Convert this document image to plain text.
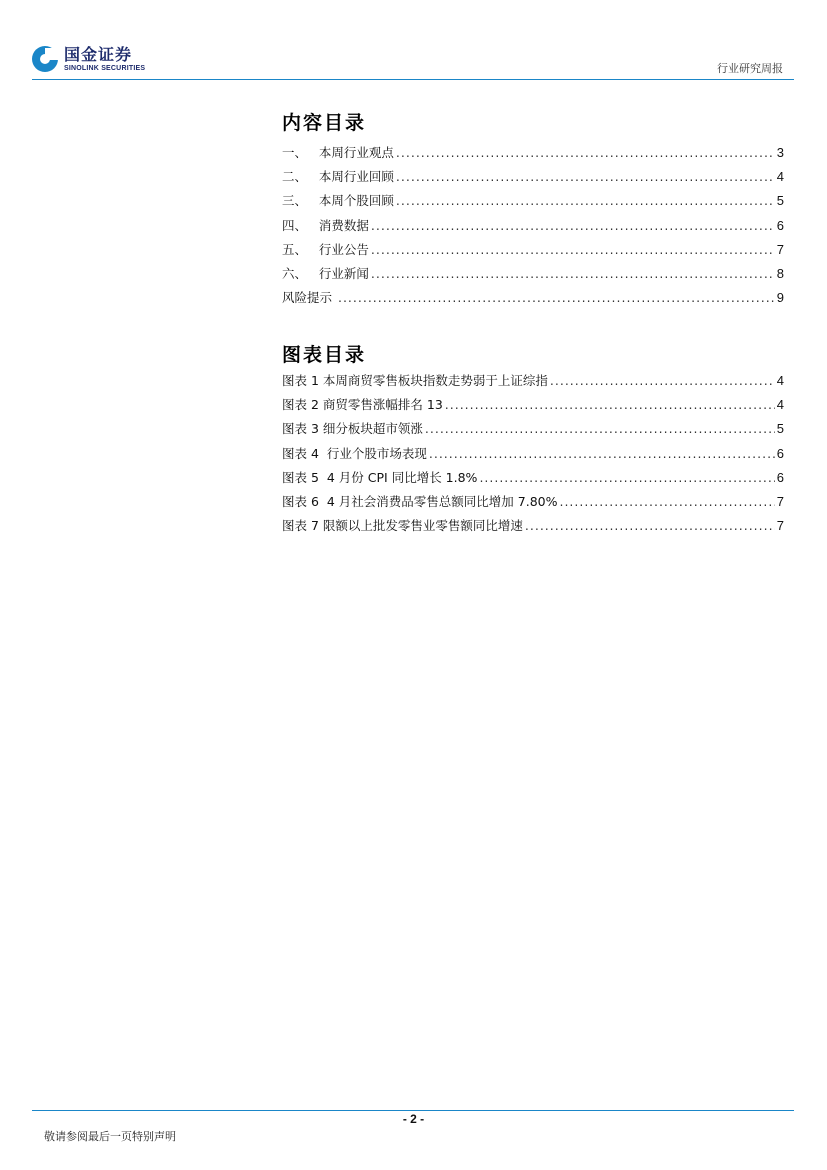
国金证券
SINOLINK SECURITIES	行业研究周报
内容目录
一、   本周行业观点 .....	3
二、   本周行业回顾 .....	4
三、   本周个股回顾 .....	5
四、   消费数据 .....	6
五、   行业公告 .....	7
六、   行业新闻 .....	8
风险提示 .....	9
图表目录
图表 1 本周商贸零售板块指数走势弱于上证综指 .....	4
图表 2 商贸零售涨幅排名 13 .....	4
图表 3 细分板块超市领涨 .....	5
图表 4  行业个股市场表现 .....	6
图表 5  4 月份 CPI 同比增长 1.8% .....	6
图表 6  4 月社会消费品零售总额同比增加 7.80% .....	7
图表 7 限额以上批发零售业零售额同比增速 .....	7
- 2 -
敬请参阅最后一页特别声明
